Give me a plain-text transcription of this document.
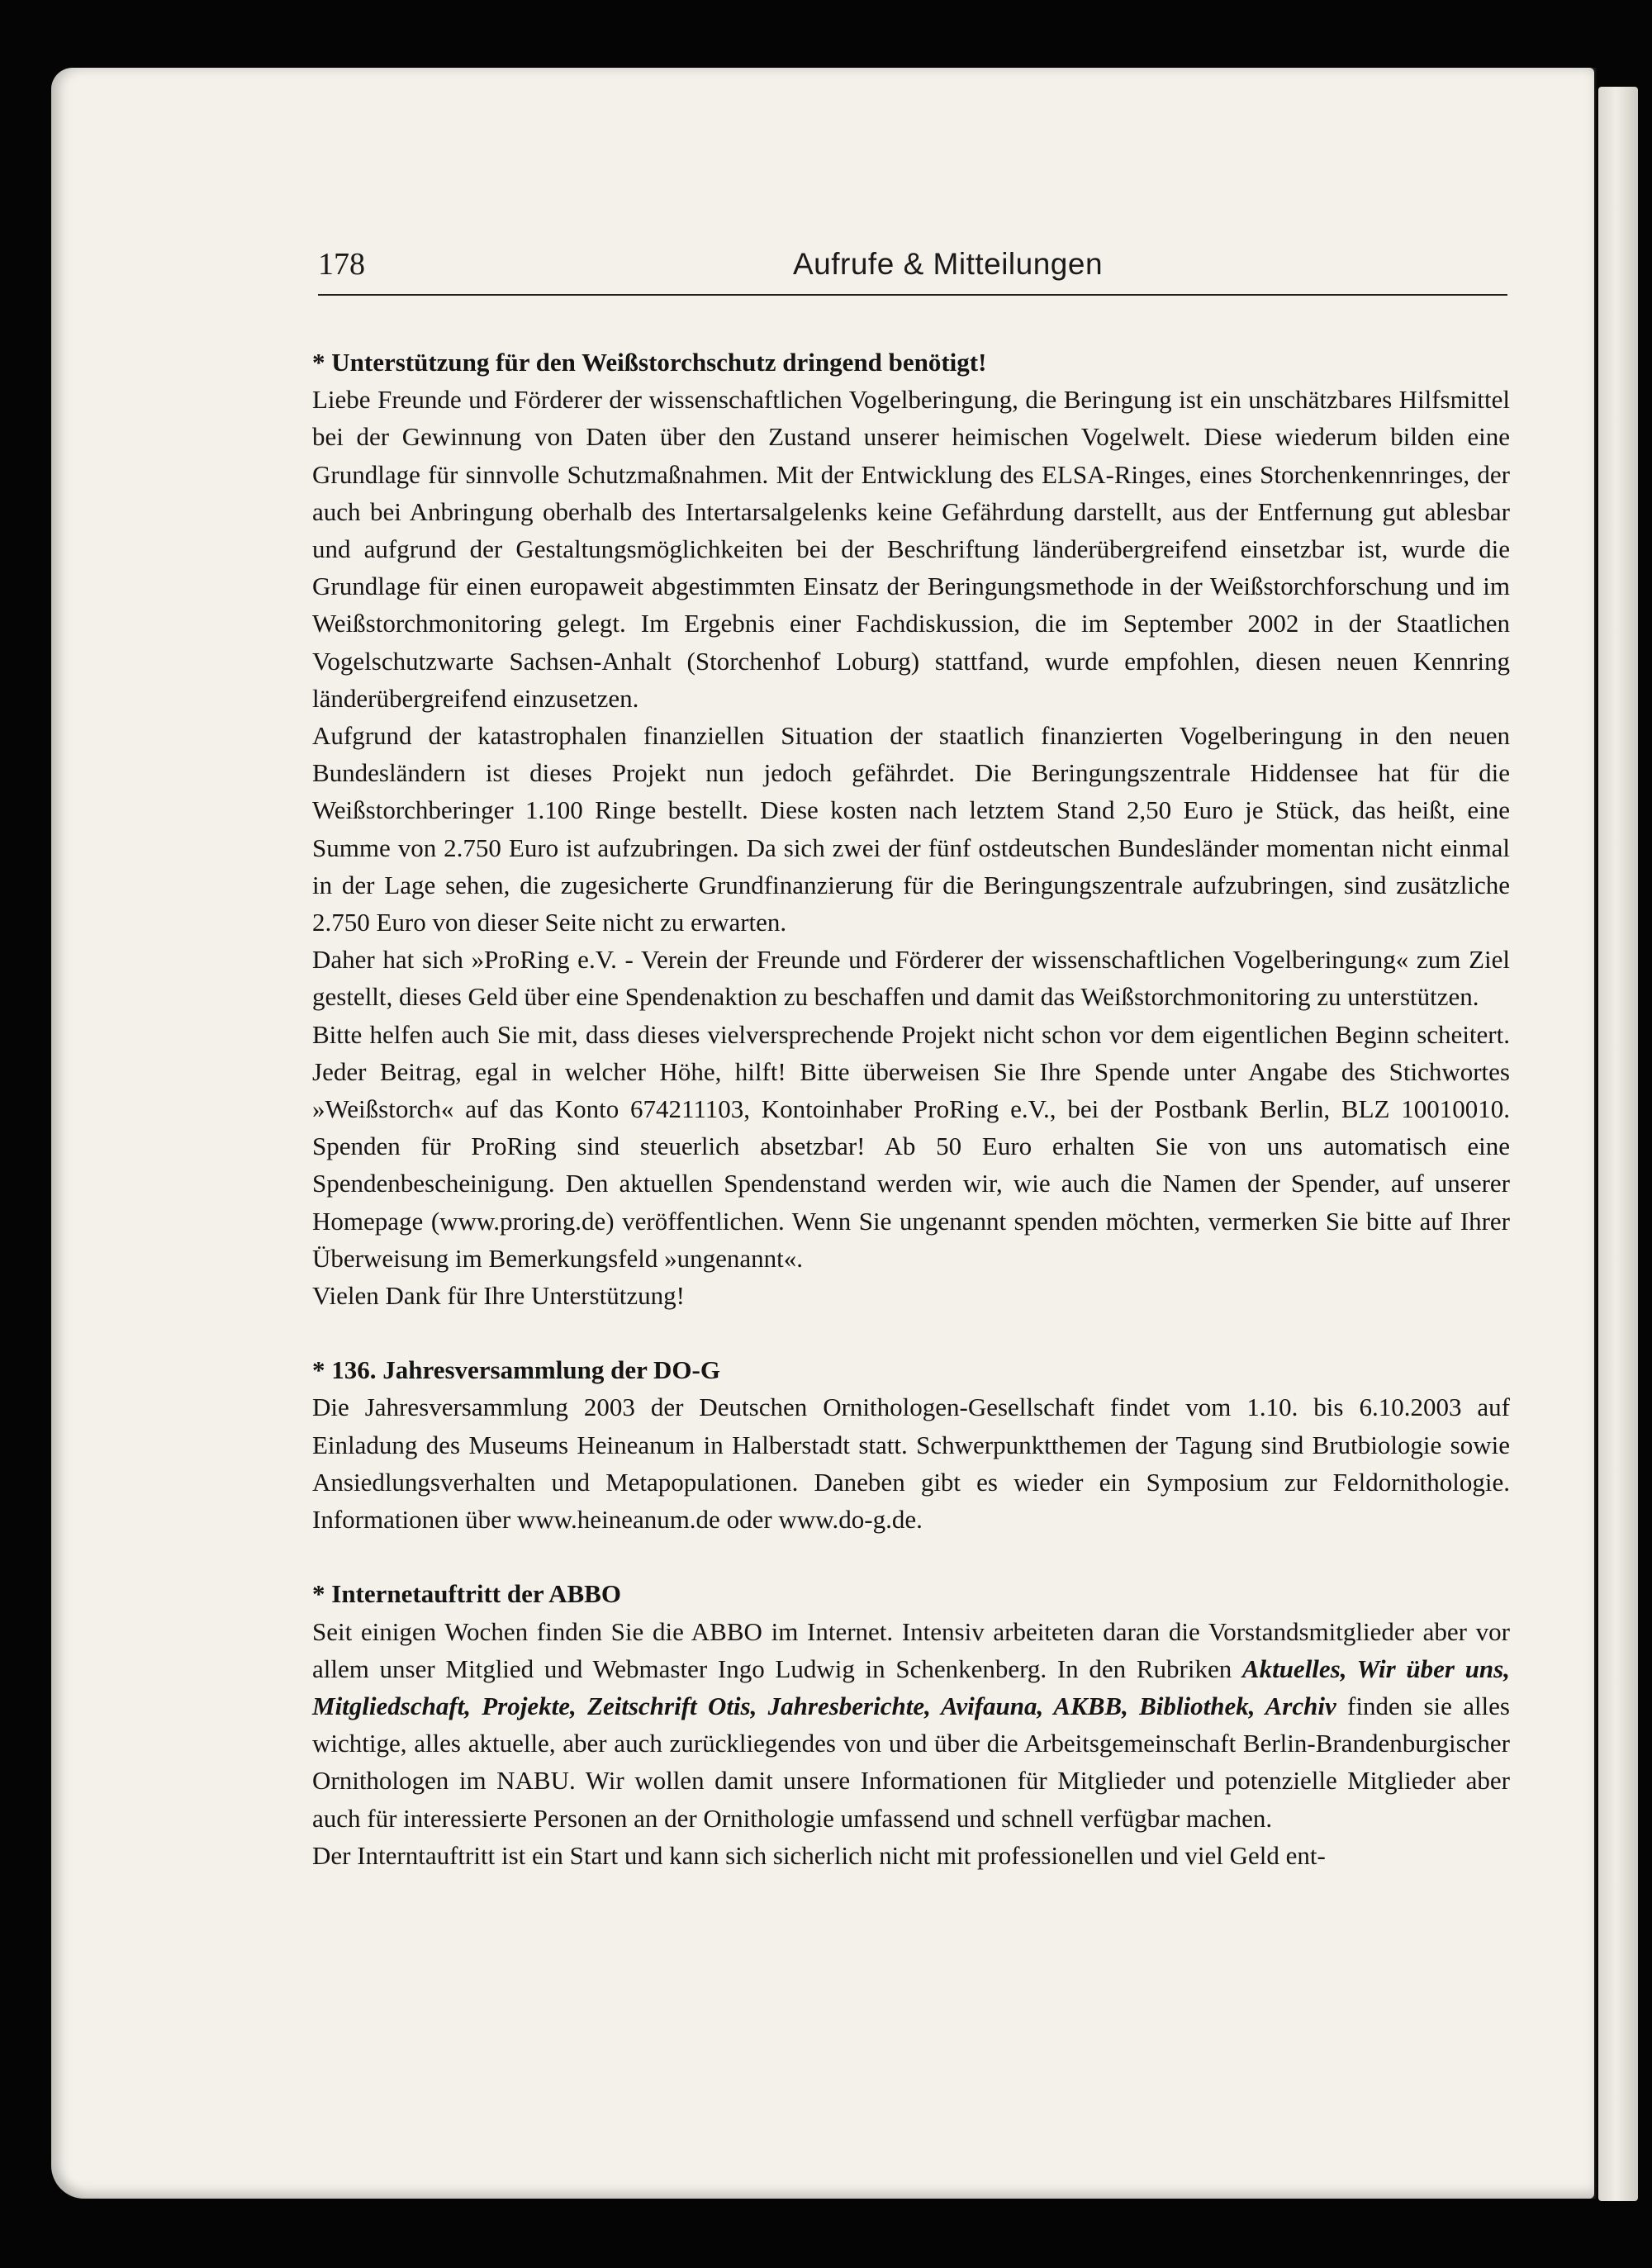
178	Aufrufe & Mitteilungen

* Unterstützung für den Weißstorchschutz dringend benötigt!

Liebe Freunde und Förderer der wissenschaftlichen Vogelberingung, die Beringung ist ein unschätzbares Hilfsmittel bei der Gewinnung von Daten über den Zustand unserer heimischen Vogelwelt. Diese wiederum bilden eine Grundlage für sinnvolle Schutzmaßnahmen. Mit der Entwicklung des ELSA-Ringes, eines Storchenkennringes, der auch bei Anbringung oberhalb des Intertarsalgelenks keine Gefährdung darstellt, aus der Entfernung gut ablesbar und aufgrund der Gestaltungsmöglichkeiten bei der Beschriftung länderübergreifend einsetzbar ist, wurde die Grundlage für einen europaweit abgestimmten Einsatz der Beringungsmethode in der Weißstorchforschung und im Weißstorchmonitoring gelegt. Im Ergebnis einer Fachdiskussion, die im September 2002 in der Staatlichen Vogelschutzwarte Sachsen-Anhalt (Storchenhof Loburg) stattfand, wurde empfohlen, diesen neuen Kennring länderübergreifend einzusetzen.

Aufgrund der katastrophalen finanziellen Situation der staatlich finanzierten Vogelberingung in den neuen Bundesländern ist dieses Projekt nun jedoch gefährdet. Die Beringungszentrale Hiddensee hat für die Weißstorchberinger 1.100 Ringe bestellt. Diese kosten nach letztem Stand 2,50 Euro je Stück, das heißt, eine Summe von 2.750 Euro ist aufzubringen. Da sich zwei der fünf ostdeutschen Bundesländer momentan nicht einmal in der Lage sehen, die zugesicherte Grundfinanzierung für die Beringungszentrale aufzubringen, sind zusätzliche 2.750 Euro von dieser Seite nicht zu erwarten.

Daher hat sich »ProRing e.V. - Verein der Freunde und Förderer der wissenschaftlichen Vogelberingung« zum Ziel gestellt, dieses Geld über eine Spendenaktion zu beschaffen und damit das Weißstorchmonitoring zu unterstützen.

Bitte helfen auch Sie mit, dass dieses vielversprechende Projekt nicht schon vor dem eigentlichen Beginn scheitert. Jeder Beitrag, egal in welcher Höhe, hilft! Bitte überweisen Sie Ihre Spende unter Angabe des Stichwortes »Weißstorch« auf das Konto 674211103, Kontoinhaber ProRing e.V., bei der Postbank Berlin, BLZ 10010010. Spenden für ProRing sind steuerlich absetzbar! Ab 50 Euro erhalten Sie von uns automatisch eine Spendenbescheinigung. Den aktuellen Spendenstand werden wir, wie auch die Namen der Spender, auf unserer Homepage (www.proring.de) veröffentlichen. Wenn Sie ungenannt spenden möchten, vermerken Sie bitte auf Ihrer Überweisung im Bemerkungsfeld »ungenannt«.

Vielen Dank für Ihre Unterstützung!

* 136. Jahresversammlung der DO-G

Die Jahresversammlung 2003 der Deutschen Ornithologen-Gesellschaft findet vom 1.10. bis 6.10.2003 auf Einladung des Museums Heineanum in Halberstadt statt. Schwerpunktthemen der Tagung sind Brutbiologie sowie Ansiedlungsverhalten und Metapopulationen. Daneben gibt es wieder ein Symposium zur Feldornithologie. Informationen über www.heineanum.de oder www.do-g.de.

* Internetauftritt der ABBO

Seit einigen Wochen finden Sie die ABBO im Internet. Intensiv arbeiteten daran die Vorstandsmitglieder aber vor allem unser Mitglied und Webmaster Ingo Ludwig in Schenkenberg. In den Rubriken Aktuelles, Wir über uns, Mitgliedschaft, Projekte, Zeitschrift Otis, Jahresberichte, Avifauna, AKBB, Bibliothek, Archiv finden sie alles wichtige, alles aktuelle, aber auch zurückliegendes von und über die Arbeitsgemeinschaft Berlin-Brandenburgischer Ornithologen im NABU. Wir wollen damit unsere Informationen für Mitglieder und potenzielle Mitglieder aber auch für interessierte Personen an der Ornithologie umfassend und schnell verfügbar machen.

Der Interntauftritt ist ein Start und kann sich sicherlich nicht mit professionellen und viel Geld ent-
